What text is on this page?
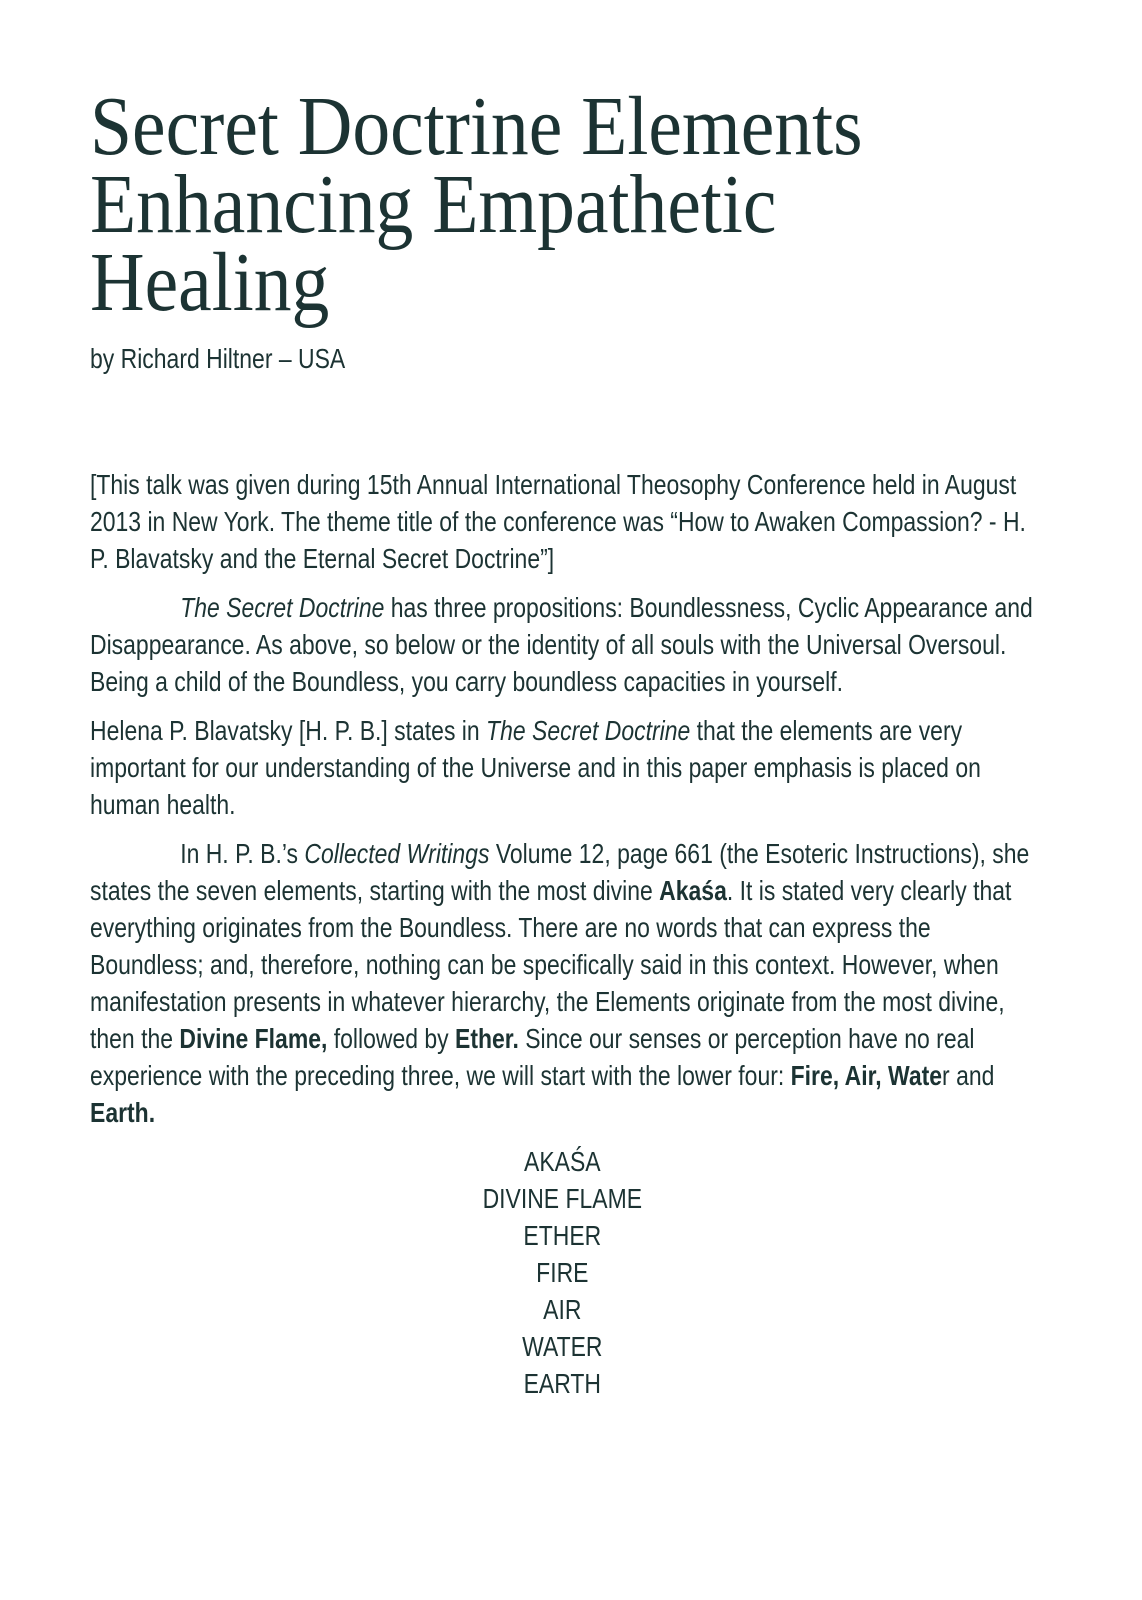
Secret Doctrine Elements
Enhancing Empathetic
Healing
by Richard Hiltner – USA

[This talk was given during 15th Annual International Theosophy Conference held in August 2013 in New York. The theme title of the conference was “How to Awaken Compassion? - H. P. Blavatsky and the Eternal Secret Doctrine”]

The Secret Doctrine has three propositions: Boundlessness, Cyclic Appearance and Disappearance. As above, so below or the identity of all souls with the Universal Oversoul. Being a child of the Boundless, you carry boundless capacities in yourself.

Helena P. Blavatsky [H. P. B.] states in The Secret Doctrine that the elements are very important for our understanding of the Universe and in this paper emphasis is placed on human health.

In H. P. B.’s Collected Writings Volume 12, page 661 (the Esoteric Instructions), she states the seven elements, starting with the most divine Akaśa. It is stated very clearly that everything originates from the Boundless. There are no words that can express the Boundless; and, therefore, nothing can be specifically said in this context. However, when manifestation presents in whatever hierarchy, the Elements originate from the most divine, then the Divine Flame, followed by Ether. Since our senses or perception have no real experience with the preceding three, we will start with the lower four: Fire, Air, Water and Earth.

AKAŚA
DIVINE FLAME
ETHER
FIRE
AIR
WATER
EARTH
